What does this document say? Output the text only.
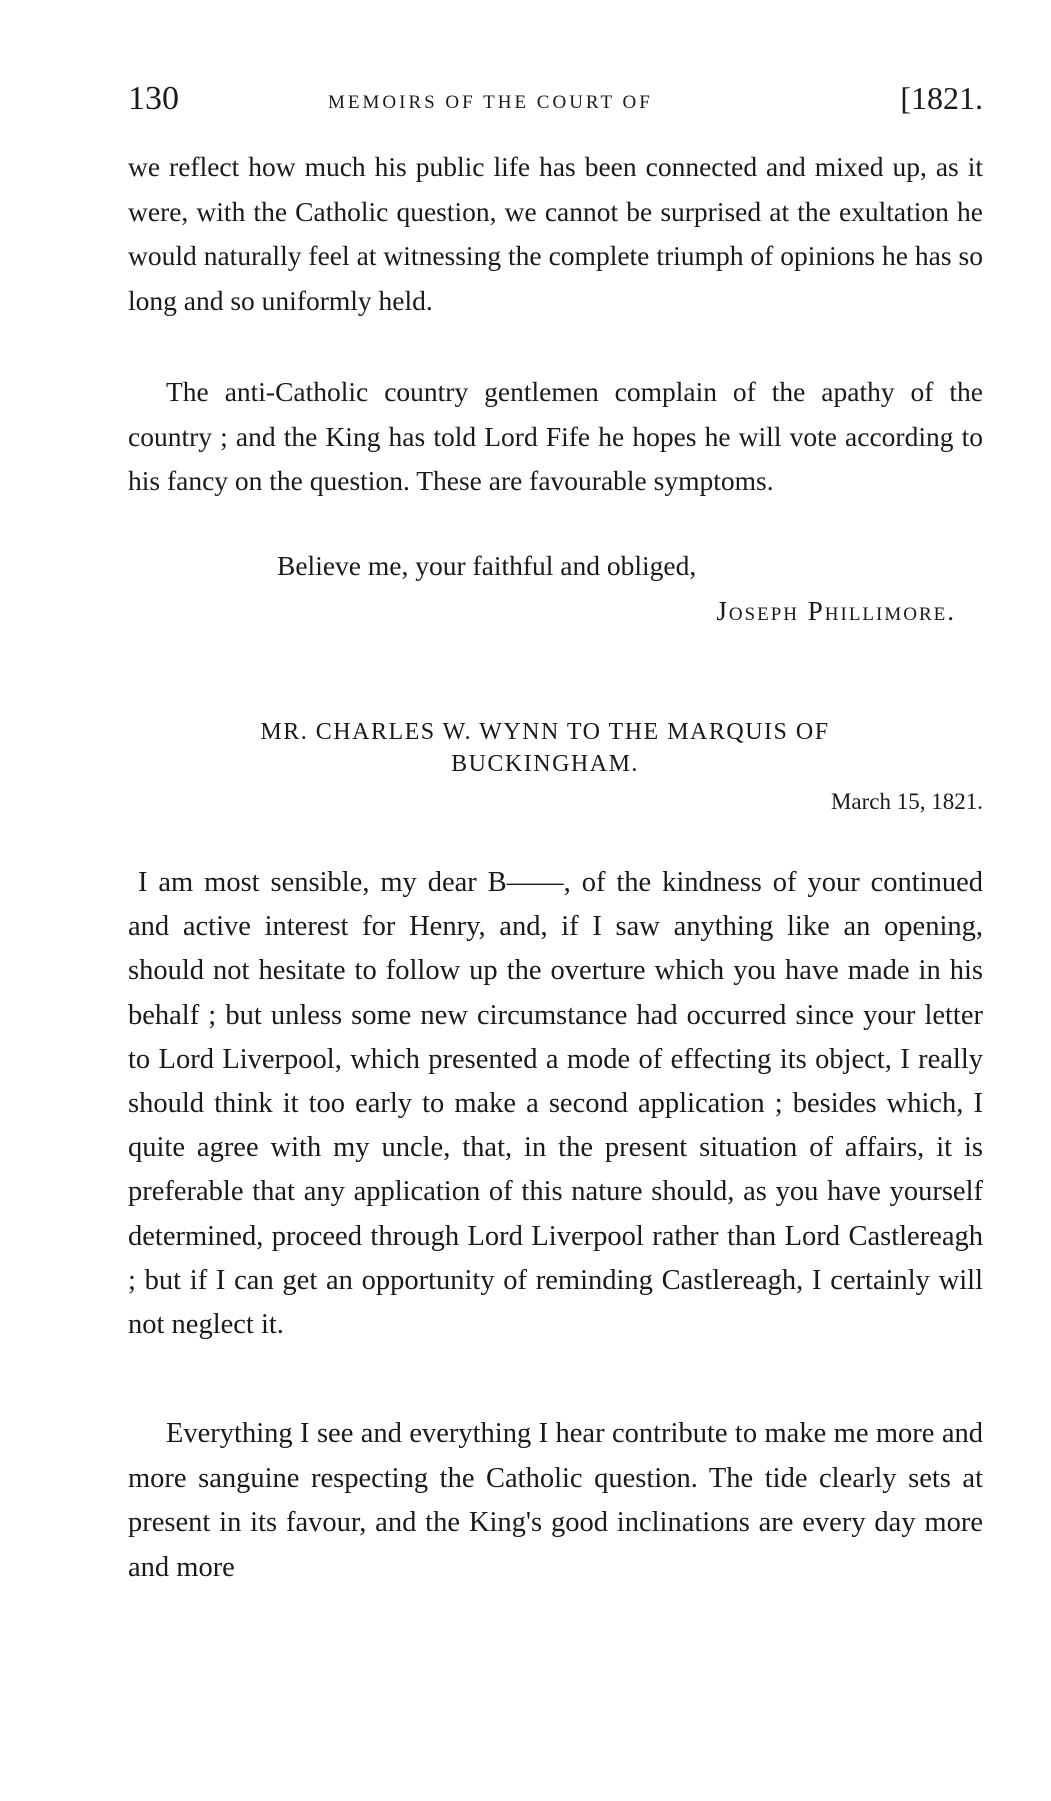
130	MEMOIRS OF THE COURT OF	[1821.

we reflect how much his public life has been connected and mixed up, as it were, with the Catholic question, we cannot be surprised at the exultation he would naturally feel at witnessing the complete triumph of opinions he has so long and so uniformly held.

The anti-Catholic country gentlemen complain of the apathy of the country ; and the King has told Lord Fife he hopes he will vote according to his fancy on the question. These are favourable symptoms.

Believe me, your faithful and obliged,
Joseph Phillimore.
MR. CHARLES W. WYNN TO THE MARQUIS OF
BUCKINGHAM.
March 15, 1821.

I am most sensible, my dear B——, of the kindness of your continued and active interest for Henry, and, if I saw anything like an opening, should not hesitate to follow up the overture which you have made in his behalf ; but unless some new circumstance had occurred since your letter to Lord Liverpool, which presented a mode of effecting its object, I really should think it too early to make a second application ; besides which, I quite agree with my uncle, that, in the present situation of affairs, it is preferable that any application of this nature should, as you have yourself determined, proceed through Lord Liverpool rather than Lord Castlereagh ; but if I can get an opportunity of reminding Castlereagh, I certainly will not neglect it.

Everything I see and everything I hear contribute to make me more and more sanguine respecting the Catholic question. The tide clearly sets at present in its favour, and the King's good inclinations are every day more and more
